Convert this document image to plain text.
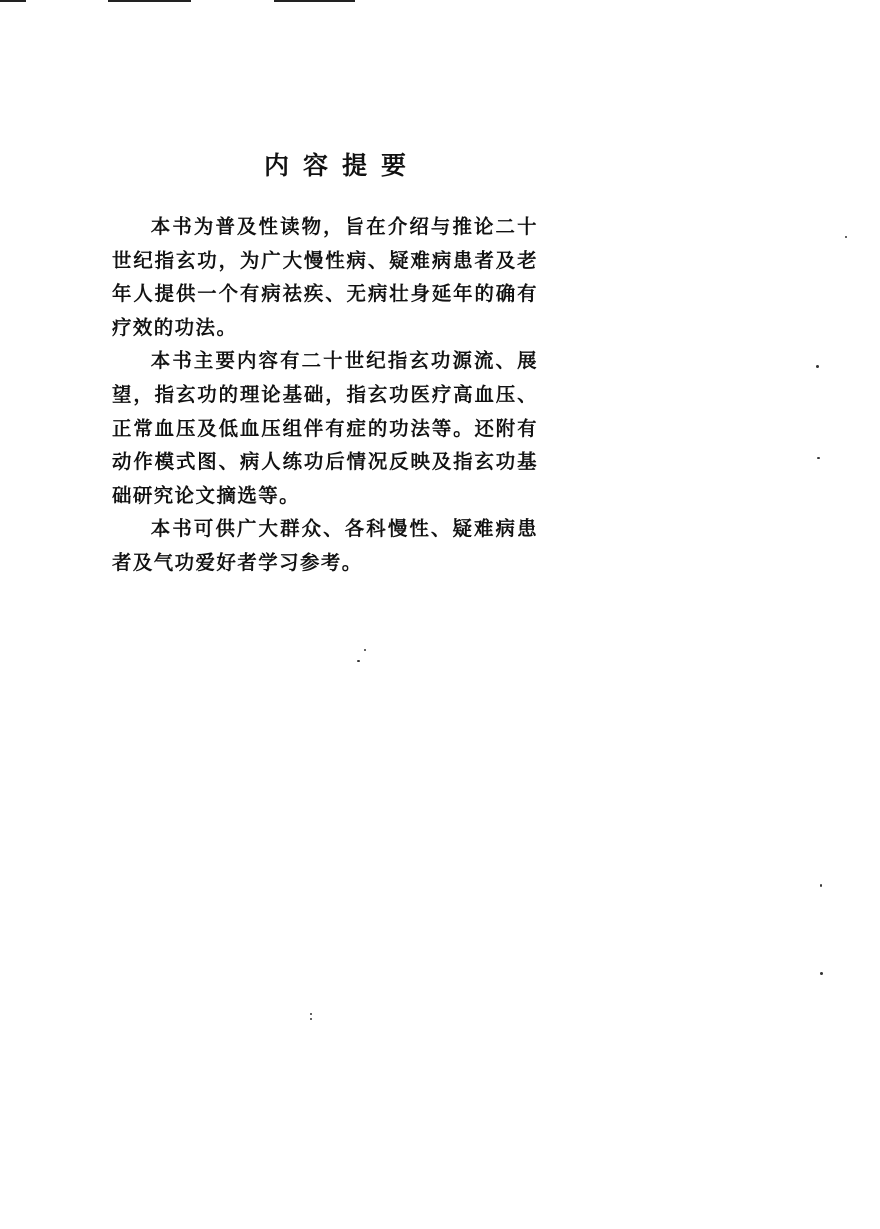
内容提要

本书为普及性读物，旨在介绍与推论二十世纪指玄功，为广大慢性病、疑难病患者及老年人提供一个有病祛疾、无病壮身延年的确有疗效的功法。

本书主要内容有二十世纪指玄功源流、展望，指玄功的理论基础，指玄功医疗高血压、正常血压及低血压组伴有症的功法等。还附有动作模式图、病人练功后情况反映及指玄功基础研究论文摘选等。

本书可供广大群众、各科慢性、疑难病患者及气功爱好者学习参考。
